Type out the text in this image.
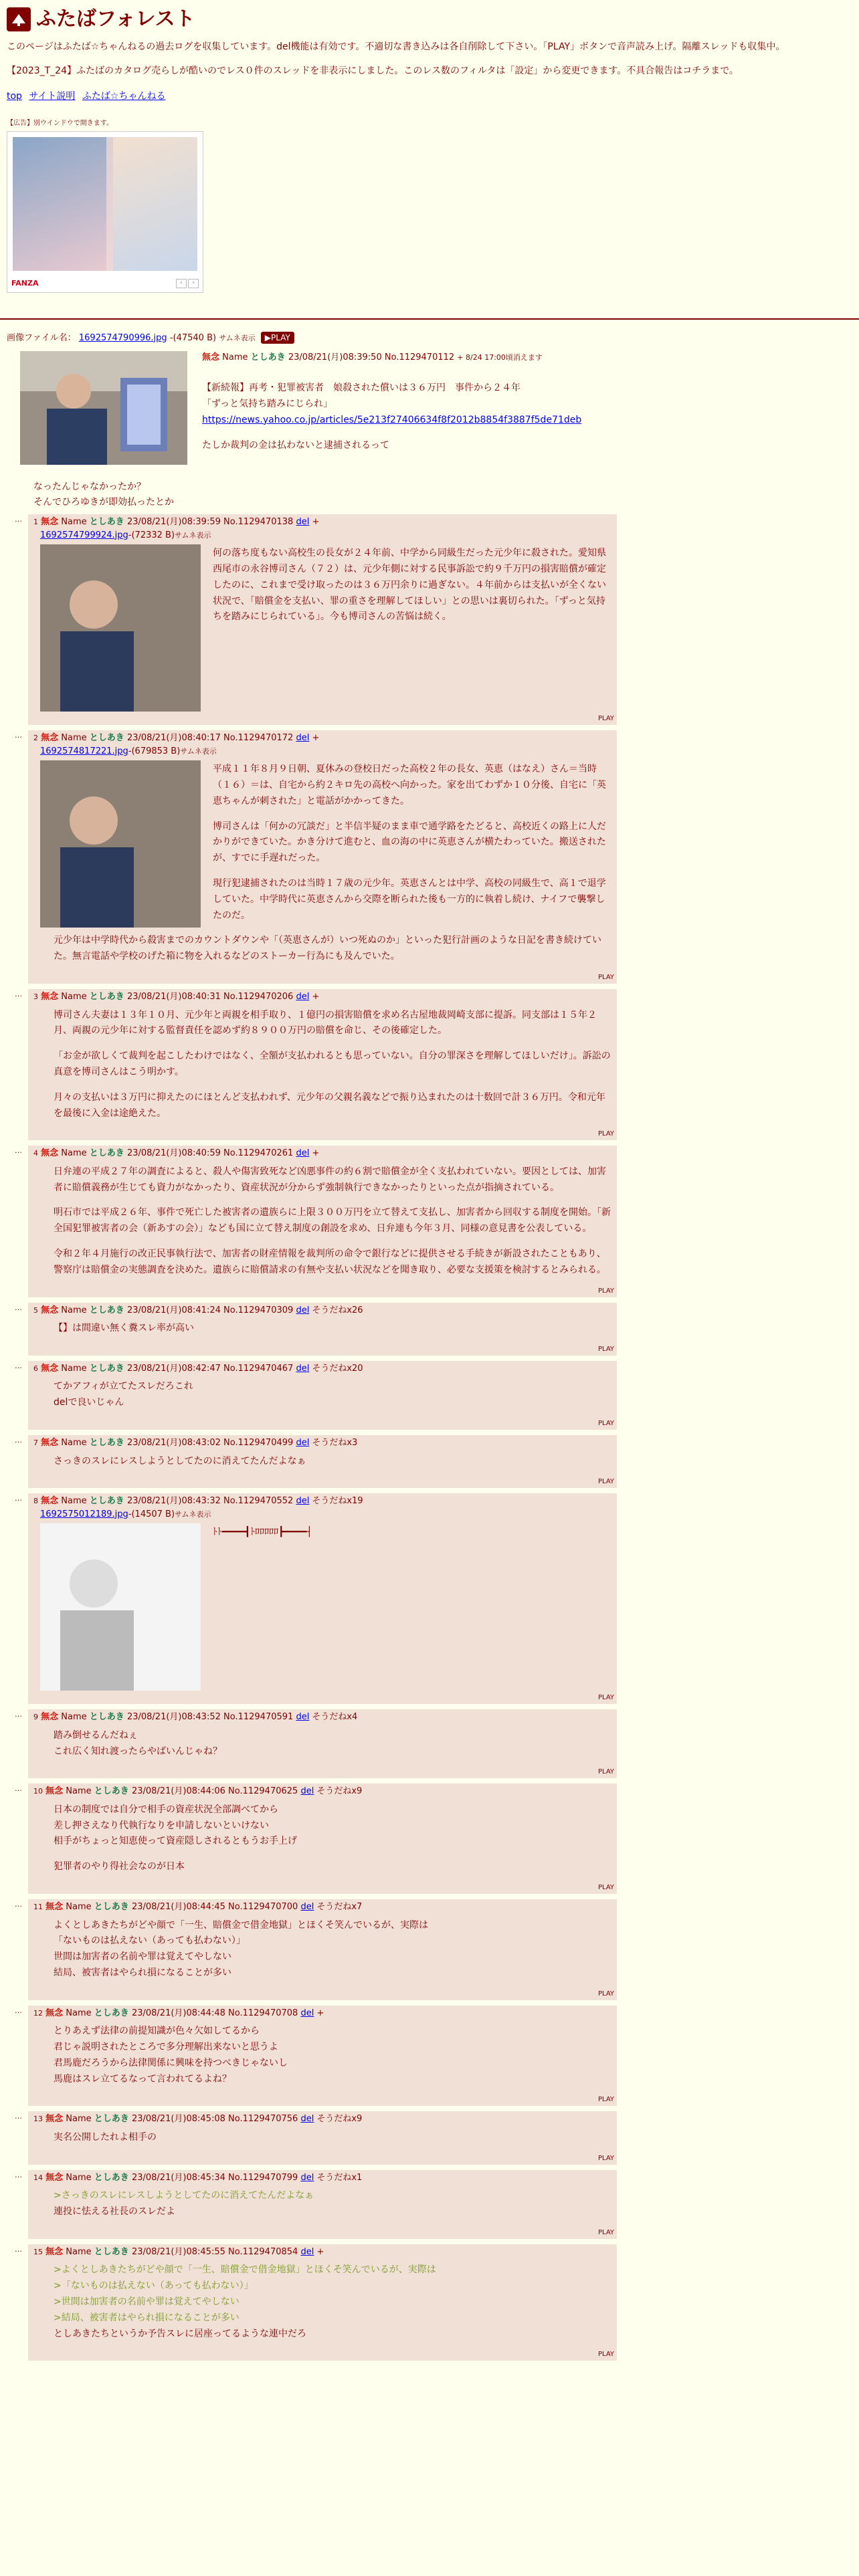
ふたばフォレスト

このページはふたば☆ちゃんねるの過去ログを収集しています。del機能は有効です。不適切な書き込みは各自削除して下さい。「PLAY」ボタンで音声読み上げ。隔離スレッドも収集中。

【2023_T_24】ふたばのカタログ売らしが酷いのでレス０件のスレッドを非表示にしました。このレス数のフィルタは「設定」から変更できます。不具合報告はコチラまで。

top サイト説明 ふたば☆ちゃんねる
【広告】別ウインドウで開きます。
FANZA	‹	›
画像ファイル名： 1692574790996.jpg -(47540 B) サムネ表示 ▶PLAY
無念 Name としあき 23/08/21(月)08:39:50 No.1129470112 + 8/24 17:00頃消えます
【新続報】再考・犯罪被害者　娘殺された償いは３６万円　事件から２４年
「ずっと気持ち踏みにじられ」
https://news.yahoo.co.jp/articles/5e213f27406634f8f2012b8854f3887f5de71deb
たしか裁判の金は払わないと逮捕されるって
なったんじゃなかったか？
そんでひろゆきが即効払ったとか
… 1 無念 Name としあき 23/08/21(月)08:39:59 No.1129470138 del +
1692574799924.jpg-(72332 B)サムネ表示

何の落ち度もない高校生の長女が２４年前、中学から同級生だった元少年に殺された。愛知県西尾市の永谷博司さん（７２）は、元少年側に対する民事訴訟で約９千万円の損害賠償が確定したのに、これまで受け取ったのは３６万円余りに過ぎない。４年前からは支払いが全くない状況で、「賠償金を支払い、罪の重さを理解してほしい」との思いは裏切られた。「ずっと気持ちを踏みにじられている」。今も博司さんの苦悩は続く。

PLAY
… 2 無念 Name としあき 23/08/21(月)08:40:17 No.1129470172 del +
1692574817221.jpg-(679853 B)サムネ表示

平成１１年８月９日朝、夏休みの登校日だった高校２年の長女、英恵（はなえ）さん＝当時（１６）＝は、自宅から約２キロ先の高校へ向かった。家を出てわずか１０分後、自宅に「英恵ちゃんが刺された」と電話がかかってきた。

博司さんは「何かの冗談だ」と半信半疑のまま車で通学路をたどると、高校近くの路上に人だかりができていた。かき分けて進むと、血の海の中に英恵さんが横たわっていた。搬送されたが、すでに手遅れだった。

現行犯逮捕されたのは当時１７歳の元少年。英恵さんとは中学、高校の同級生で、高１で退学していた。中学時代に英恵さんから交際を断られた後も一方的に執着し続け、ナイフで襲撃したのだ。

元少年は中学時代から殺害までのカウントダウンや「（英恵さんが）いつ死ぬのか」といった犯行計画のような日記を書き続けていた。無言電話や学校のげた箱に物を入れるなどのストーカー行為にも及んでいた。

PLAY
… 3 無念 Name としあき 23/08/21(月)08:40:31 No.1129470206 del +

博司さん夫妻は１３年１０月、元少年と両親を相手取り、１億円の損害賠償を求め名古屋地裁岡崎支部に提訴。同支部は１５年２月、両親の元少年に対する監督責任を認めず約８９００万円の賠償を命じ、その後確定した。

「お金が欲しくて裁判を起こしたわけではなく、全額が支払われるとも思っていない。自分の罪深さを理解してほしいだけ」。訴訟の真意を博司さんはこう明かす。

月々の支払いは３万円に抑えたのにほとんど支払われず、元少年の父親名義などで振り込まれたのは十数回で計３６万円。令和元年を最後に入金は途絶えた。

PLAY
… 4 無念 Name としあき 23/08/21(月)08:40:59 No.1129470261 del +

日弁連の平成２７年の調査によると、殺人や傷害致死など凶悪事件の約６割で賠償金が全く支払われていない。要因としては、加害者に賠償義務が生じても資力がなかったり、資産状況が分からず強制執行できなかったりといった点が指摘されている。

明石市では平成２６年、事件で死亡した被害者の遺族らに上限３００万円を立て替えて支払し、加害者から回収する制度を開始。「新全国犯罪被害者の会（新あすの会）」なども国に立て替え制度の創設を求め、日弁連も今年３月、同様の意見書を公表している。

令和２年４月施行の改正民事執行法で、加害者の財産情報を裁判所の命令で銀行などに提供させる手続きが新設されたこともあり、警察庁は賠償金の実態調査を決めた。遺族らに賠償請求の有無や支払い状況などを聞き取り、必要な支援策を検討するとみられる。

PLAY
… 5 無念 Name としあき 23/08/21(月)08:41:24 No.1129470309 del そうだねx26

【】は間違い無く糞スレ率が高い

PLAY
… 6 無念 Name としあき 23/08/21(月)08:42:47 No.1129470467 del そうだねx20

てかアフィが立てたスレだろこれ
delで良いじゃん

PLAY
… 7 無念 Name としあき 23/08/21(月)08:43:02 No.1129470499 del そうだねx3

さっきのスレにレスしようとしてたのに消えてたんだよなぁ

PLAY
… 8 無念 Name としあき 23/08/21(月)08:43:32 No.1129470552 del そうだねx19
1692575012189.jpg-(14507 B)サムネ表示

ﾄﾄ━━━━┫ﾄﾛﾛﾛﾛﾛ┣━━━━┤

PLAY
… 9 無念 Name としあき 23/08/21(月)08:43:52 No.1129470591 del そうだねx4

踏み倒せるんだねぇ
これ広く知れ渡ったらやばいんじゃね？

PLAY
… 10 無念 Name としあき 23/08/21(月)08:44:06 No.1129470625 del そうだねx9

日本の制度では自分で相手の資産状況全部調べてから
差し押さえなり代執行なりを申請しないといけない
相手がちょっと知恵使って資産隠しされるともうお手上げ

犯罪者のやり得社会なのが日本

PLAY
… 11 無念 Name としあき 23/08/21(月)08:44:45 No.1129470700 del そうだねx7

よくとしあきたちがどや顔で「一生、賠償金で借金地獄」とほくそ笑んでいるが、実際は
「ないものは払えない（あっても払わない）」
世間は加害者の名前や罪は覚えてやしない
結局、被害者はやられ損になることが多い

PLAY
… 12 無念 Name としあき 23/08/21(月)08:44:48 No.1129470708 del +

とりあえず法律の前提知識が色々欠如してるから
君じゃ説明されたところで多分理解出来ないと思うよ
君馬鹿だろうから法律関係に興味を持つべきじゃないし
馬鹿はスレ立てるなって言われてるよね？

PLAY
… 13 無念 Name としあき 23/08/21(月)08:45:08 No.1129470756 del そうだねx9

実名公開したれよ相手の

PLAY
… 14 無念 Name としあき 23/08/21(月)08:45:34 No.1129470799 del そうだねx1
>さっきのスレにレスしようとしてたのに消えてたんだよなぁ

連投に怯える社長のスレだよ

PLAY
… 15 無念 Name としあき 23/08/21(月)08:45:55 No.1129470854 del +
>よくとしあきたちがどや顔で「一生、賠償金で借金地獄」とほくそ笑んでいるが、実際は
>「ないものは払えない（あっても払わない）」
>世間は加害者の名前や罪は覚えてやしない
>結局、被害者はやられ損になることが多い

としあきたちというか予告スレに居座ってるような連中だろ

PLAY
